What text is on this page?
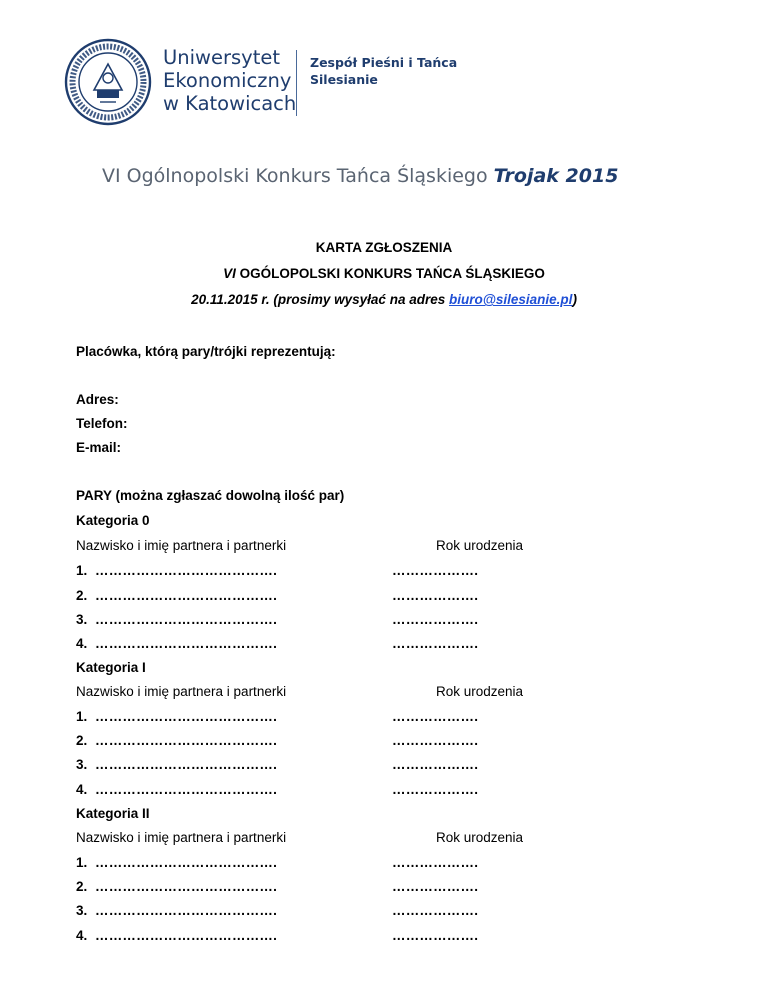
Uniwersytet
Ekonomiczny
w Katowicach
Zespół Pieśni i Tańca
Silesianie
VI Ogólnopolski Konkurs Tańca Śląskiego Trojak 2015
KARTA ZGŁOSZENIA
VI OGÓLOPOLSKI KONKURS TAŃCA ŚLĄSKIEGO
20.11.2015 r. (prosimy wysyłać na adres biuro@silesianie.pl)
Placówka, którą pary/trójki reprezentują:
Adres:
Telefon:
E-mail:
PARY (można zgłaszać dowolną ilość par)
Kategoria 0
Nazwisko i imię partnera i partnerki	Rok urodzenia
1. ………………………………….	……………….
2. ………………………………….	……………….
3. ………………………………….	……………….
4. ………………………………….	……………….
Kategoria I
Nazwisko i imię partnera i partnerki	Rok urodzenia
1. ………………………………….	……………….
2. ………………………………….	……………….
3. ………………………………….	……………….
4. ………………………………….	……………….
Kategoria II
Nazwisko i imię partnera i partnerki	Rok urodzenia
1. ………………………………….	……………….
2. ………………………………….	……………….
3. ………………………………….	……………….
4. ………………………………….	……………….
